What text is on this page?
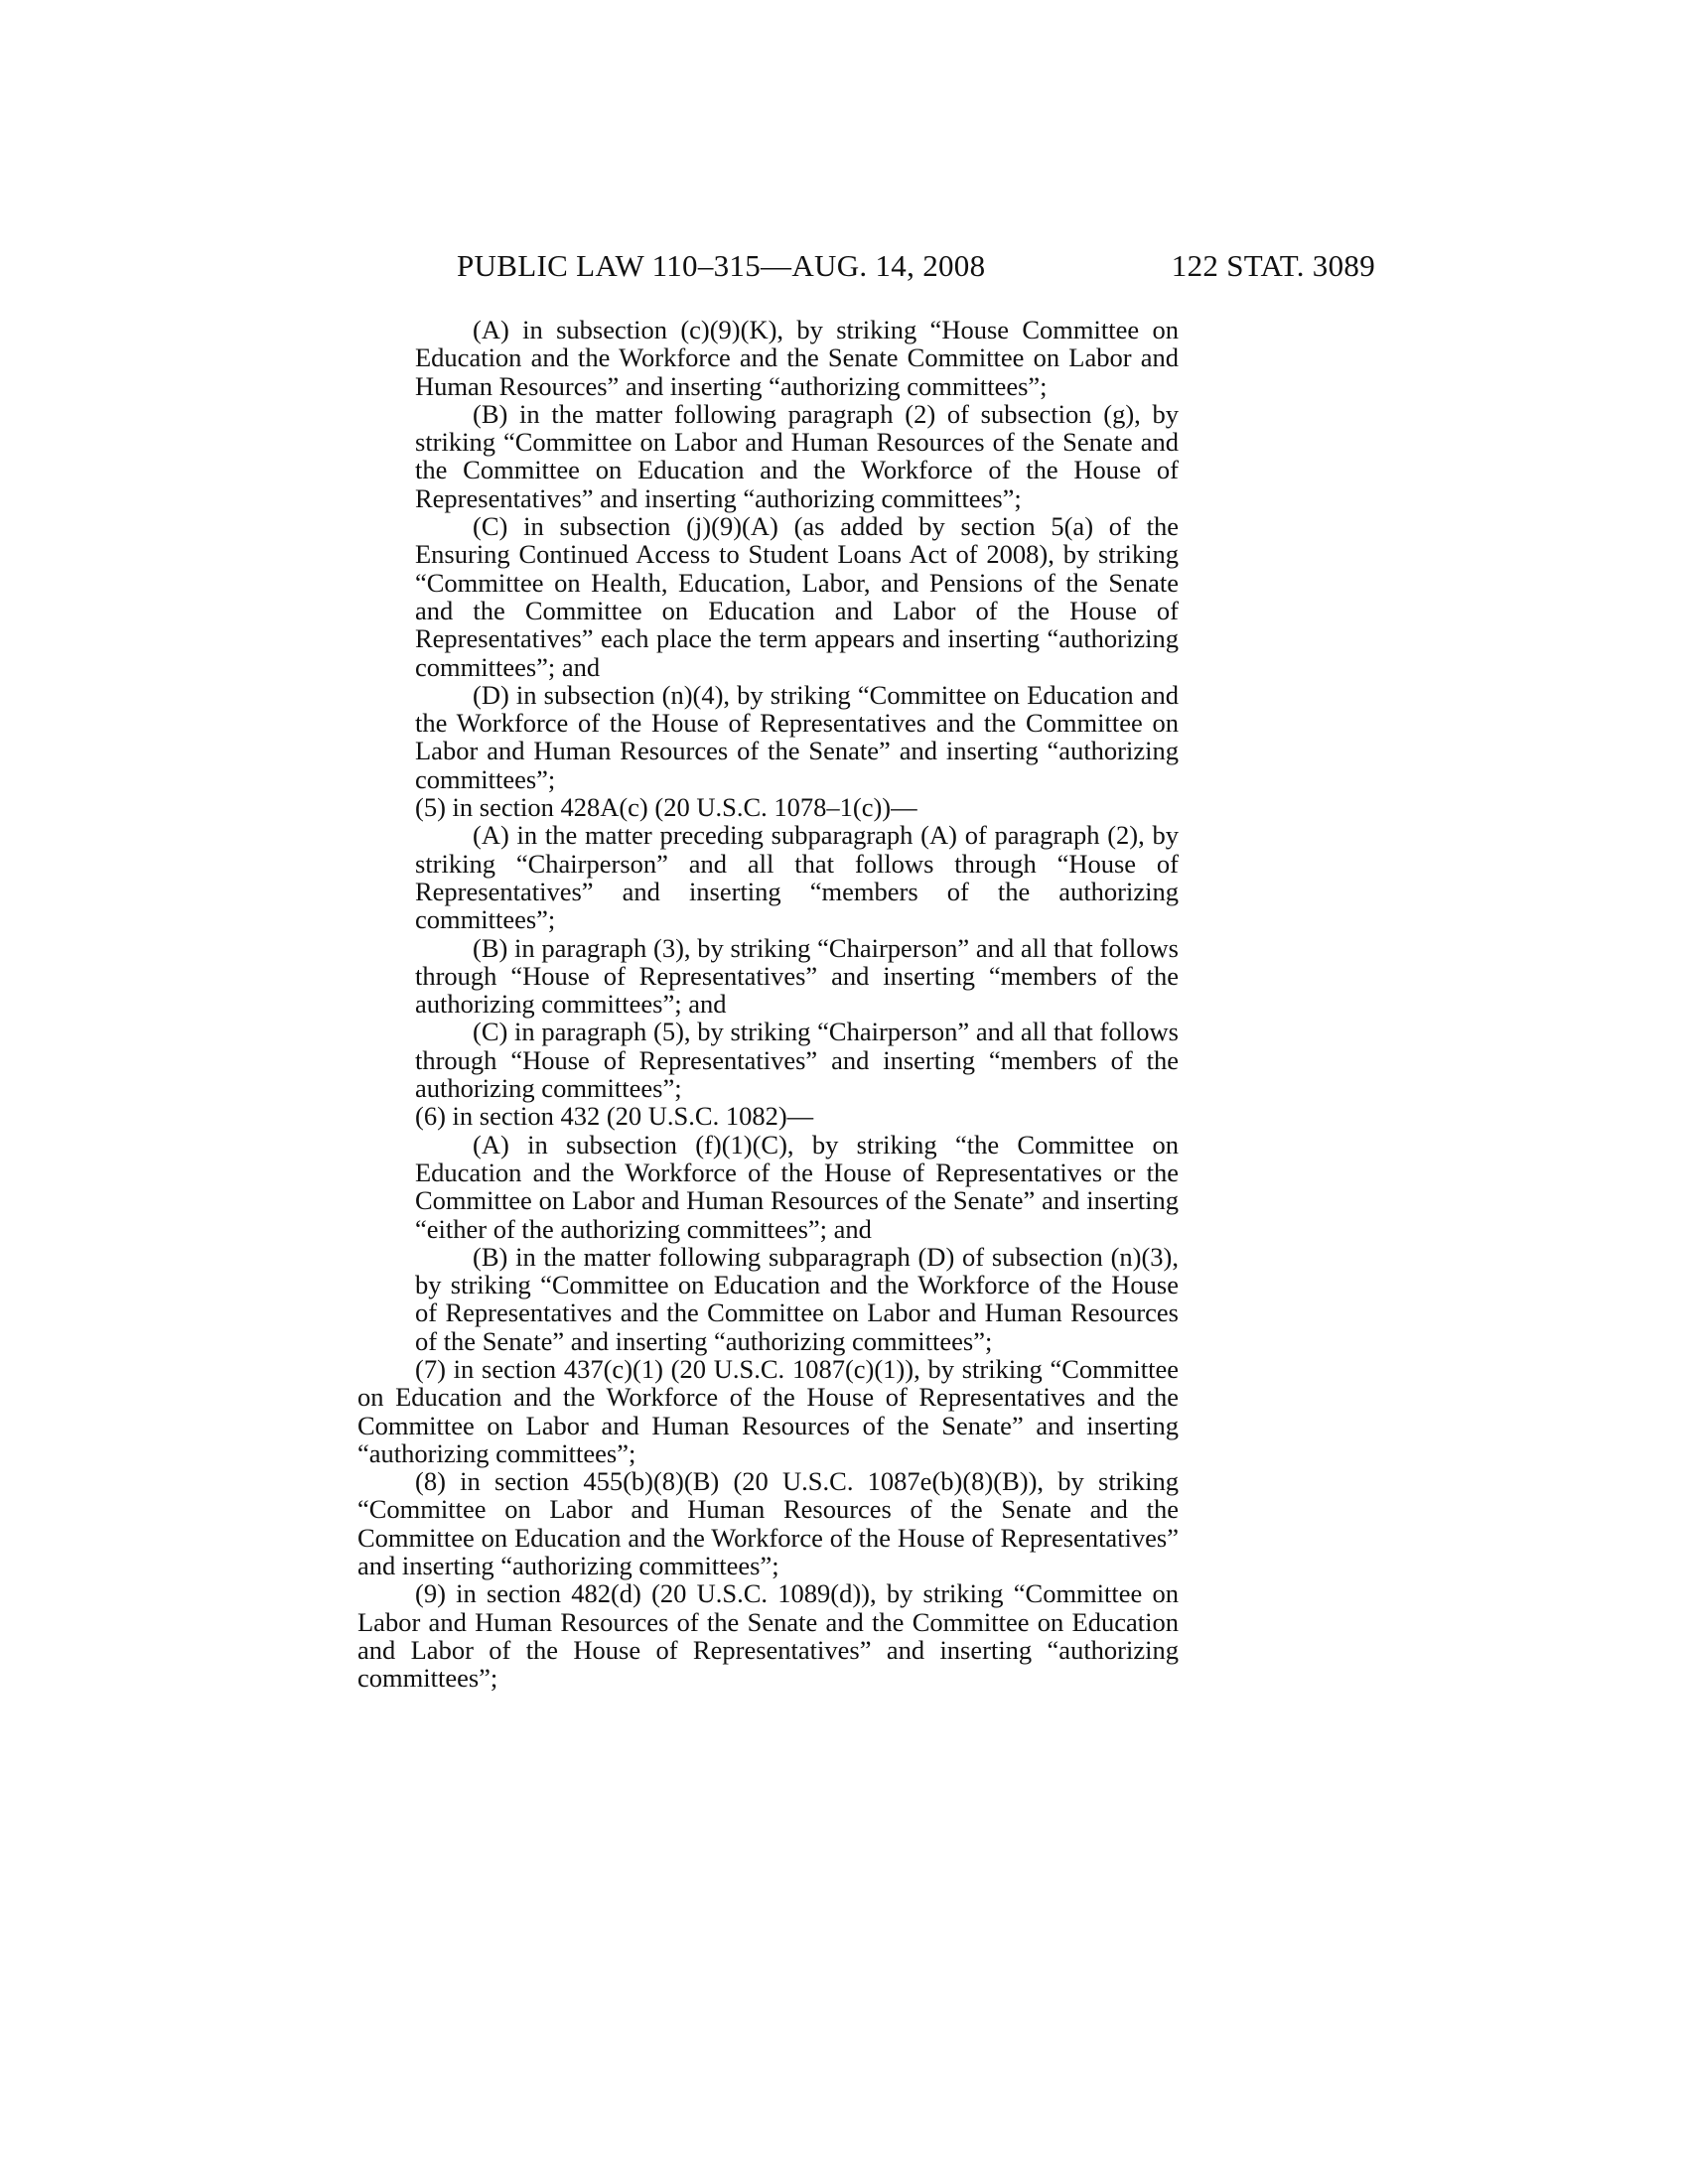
PUBLIC LAW 110–315—AUG. 14, 2008	122 STAT. 3089

(A) in subsection (c)(9)(K), by striking “House Committee on Education and the Workforce and the Senate Committee on Labor and Human Resources” and inserting “authorizing committees”;

(B) in the matter following paragraph (2) of subsection (g), by striking “Committee on Labor and Human Resources of the Senate and the Committee on Education and the Workforce of the House of Representatives” and inserting “authorizing committees”;

(C) in subsection (j)(9)(A) (as added by section 5(a) of the Ensuring Continued Access to Student Loans Act of 2008), by striking “Committee on Health, Education, Labor, and Pensions of the Senate and the Committee on Education and Labor of the House of Representatives” each place the term appears and inserting “authorizing committees”; and

(D) in subsection (n)(4), by striking “Committee on Education and the Workforce of the House of Representatives and the Committee on Labor and Human Resources of the Senate” and inserting “authorizing committees”;

(5) in section 428A(c) (20 U.S.C. 1078–1(c))—

(A) in the matter preceding subparagraph (A) of paragraph (2), by striking “Chairperson” and all that follows through “House of Representatives” and inserting “members of the authorizing committees”;

(B) in paragraph (3), by striking “Chairperson” and all that follows through “House of Representatives” and inserting “members of the authorizing committees”; and

(C) in paragraph (5), by striking “Chairperson” and all that follows through “House of Representatives” and inserting “members of the authorizing committees”;

(6) in section 432 (20 U.S.C. 1082)—

(A) in subsection (f)(1)(C), by striking “the Committee on Education and the Workforce of the House of Representatives or the Committee on Labor and Human Resources of the Senate” and inserting “either of the authorizing committees”; and

(B) in the matter following subparagraph (D) of subsection (n)(3), by striking “Committee on Education and the Workforce of the House of Representatives and the Committee on Labor and Human Resources of the Senate” and inserting “authorizing committees”;

(7) in section 437(c)(1) (20 U.S.C. 1087(c)(1)), by striking “Committee on Education and the Workforce of the House of Representatives and the Committee on Labor and Human Resources of the Senate” and inserting “authorizing committees”;

(8) in section 455(b)(8)(B) (20 U.S.C. 1087e(b)(8)(B)), by striking “Committee on Labor and Human Resources of the Senate and the Committee on Education and the Workforce of the House of Representatives” and inserting “authorizing committees”;

(9) in section 482(d) (20 U.S.C. 1089(d)), by striking “Committee on Labor and Human Resources of the Senate and the Committee on Education and Labor of the House of Representatives” and inserting “authorizing committees”;
